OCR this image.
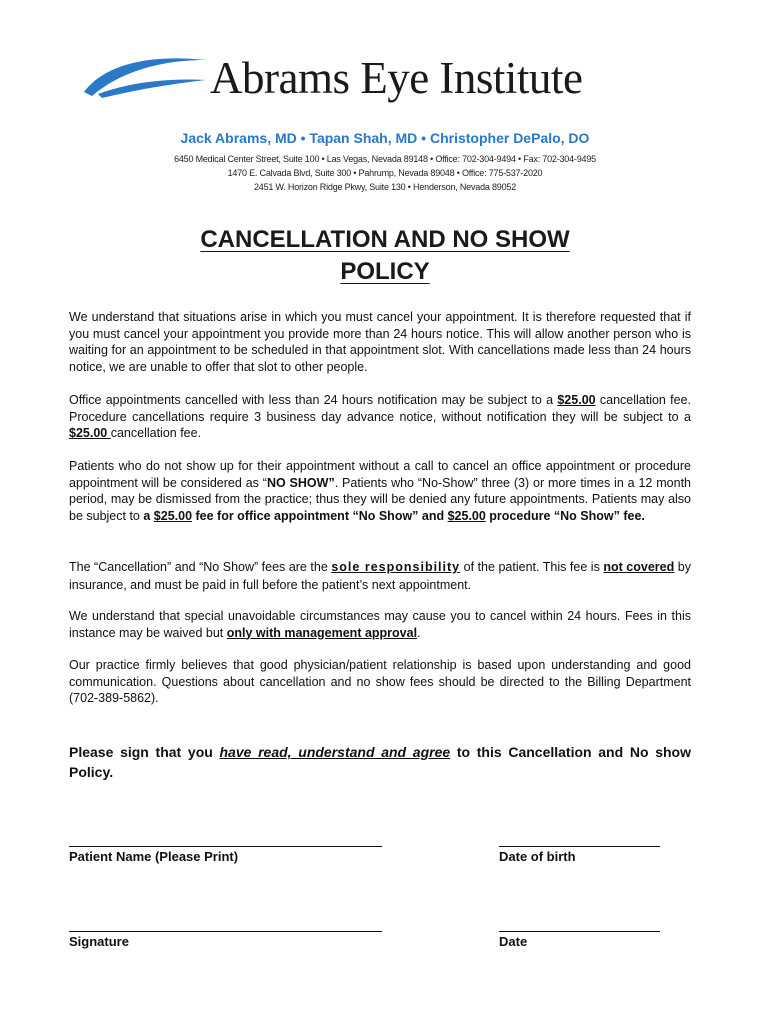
Abrams Eye Institute
Jack Abrams, MD • Tapan Shah, MD • Christopher DePalo, DO
6450 Medical Center Street, Suite 100 • Las Vegas, Nevada 89148 • Office: 702-304-9494 • Fax: 702-304-9495
1470 E. Calvada Blvd, Suite 300 • Pahrump, Nevada 89048 • Office: 775-537-2020
2451 W. Horizon Ridge Pkwy, Suite 130 • Henderson, Nevada 89052
CANCELLATION AND NO SHOW
POLICY
We understand that situations arise in which you must cancel your appointment. It is therefore requested that if you must cancel your appointment you provide more than 24 hours notice. This will allow another person who is waiting for an appointment to be scheduled in that appointment slot. With cancellations made less than 24 hours notice, we are unable to offer that slot to other people.
Office appointments cancelled with less than 24 hours notification may be subject to a $25.00 cancellation fee. Procedure cancellations require 3 business day advance notice, without notification they will be subject to a $25.00 cancellation fee.
Patients who do not show up for their appointment without a call to cancel an office appointment or procedure appointment will be considered as “NO SHOW”. Patients who “No-Show” three (3) or more times in a 12 month period, may be dismissed from the practice; thus they will be denied any future appointments. Patients may also be subject to a $25.00 fee for office appointment “No Show” and $25.00 procedure “No Show” fee.
The “Cancellation” and “No Show” fees are the sole responsibility of the patient. This fee is not covered by insurance, and must be paid in full before the patient’s next appointment.
We understand that special unavoidable circumstances may cause you to cancel within 24 hours. Fees in this instance may be waived but only with management approval.
Our practice firmly believes that good physician/patient relationship is based upon understanding and good communication. Questions about cancellation and no show fees should be directed to the Billing Department (702-389-5862).
Please sign that you have read, understand and agree to this Cancellation and No show Policy.
Patient Name (Please Print)	Date of birth
Signature	Date
